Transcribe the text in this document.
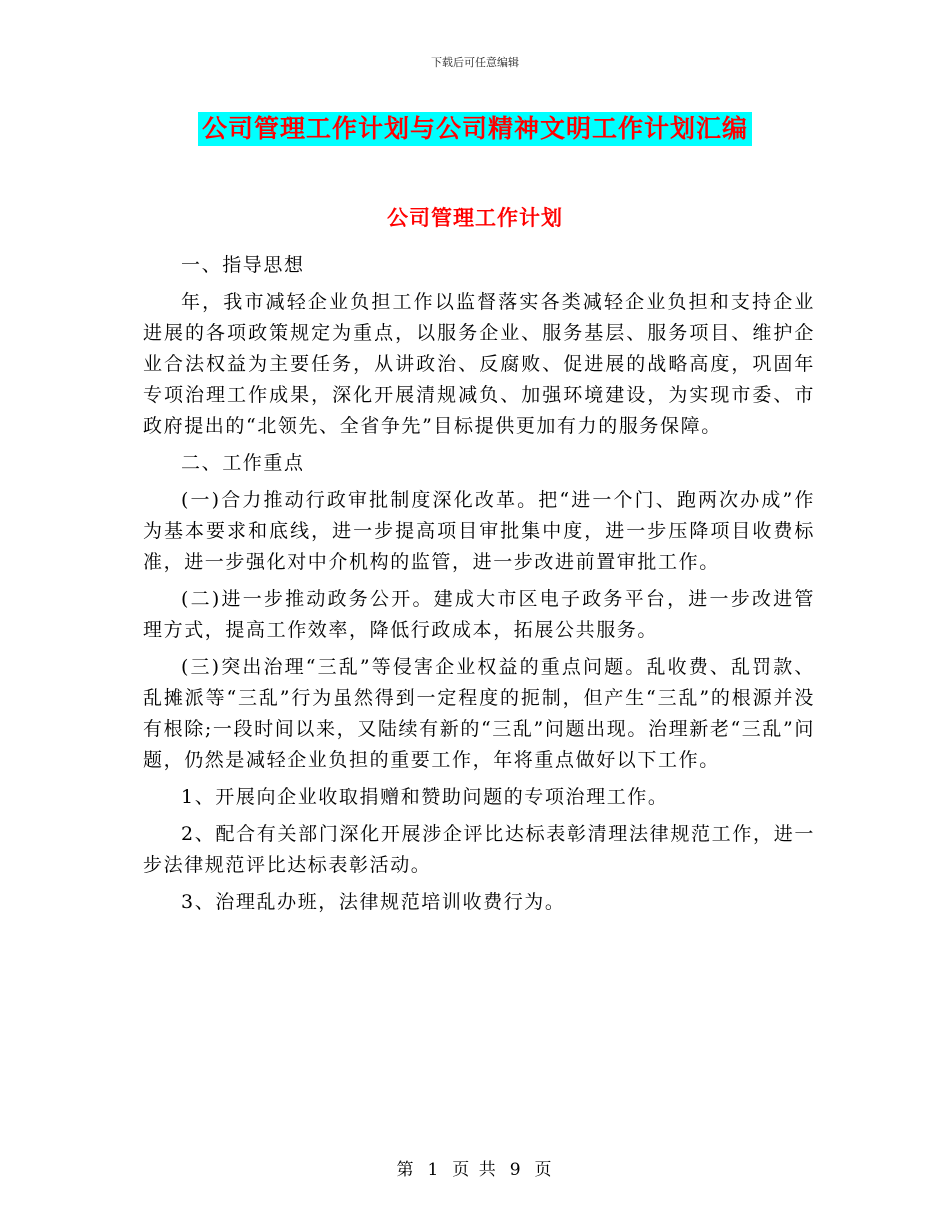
下载后可任意编辑
公司管理工作计划与公司精神文明工作计划汇编
公司管理工作计划

一、指导思想

年，我市减轻企业负担工作以监督落实各类减轻企业负担和支持企业进展的各项政策规定为重点，以服务企业、服务基层、服务项目、维护企业合法权益为主要任务，从讲政治、反腐败、促进展的战略高度，巩固年专项治理工作成果，深化开展清规减负、加强环境建设，为实现市委、市政府提出的“北领先、全省争先”目标提供更加有力的服务保障。

二、工作重点

(一)合力推动行政审批制度深化改革。把“进一个门、跑两次办成”作为基本要求和底线，进一步提高项目审批集中度，进一步压降项目收费标准，进一步强化对中介机构的监管，进一步改进前置审批工作。

(二)进一步推动政务公开。建成大市区电子政务平台，进一步改进管理方式，提高工作效率，降低行政成本，拓展公共服务。

(三)突出治理“三乱”等侵害企业权益的重点问题。乱收费、乱罚款、乱摊派等“三乱”行为虽然得到一定程度的扼制，但产生“三乱”的根源并没有根除;一段时间以来，又陆续有新的“三乱”问题出现。治理新老“三乱”问题，仍然是减轻企业负担的重要工作，年将重点做好以下工作。

1、开展向企业收取捐赠和赞助问题的专项治理工作。

2、配合有关部门深化开展涉企评比达标表彰清理法律规范工作，进一步法律规范评比达标表彰活动。

3、治理乱办班，法律规范培训收费行为。

第 1 页 共 9 页
